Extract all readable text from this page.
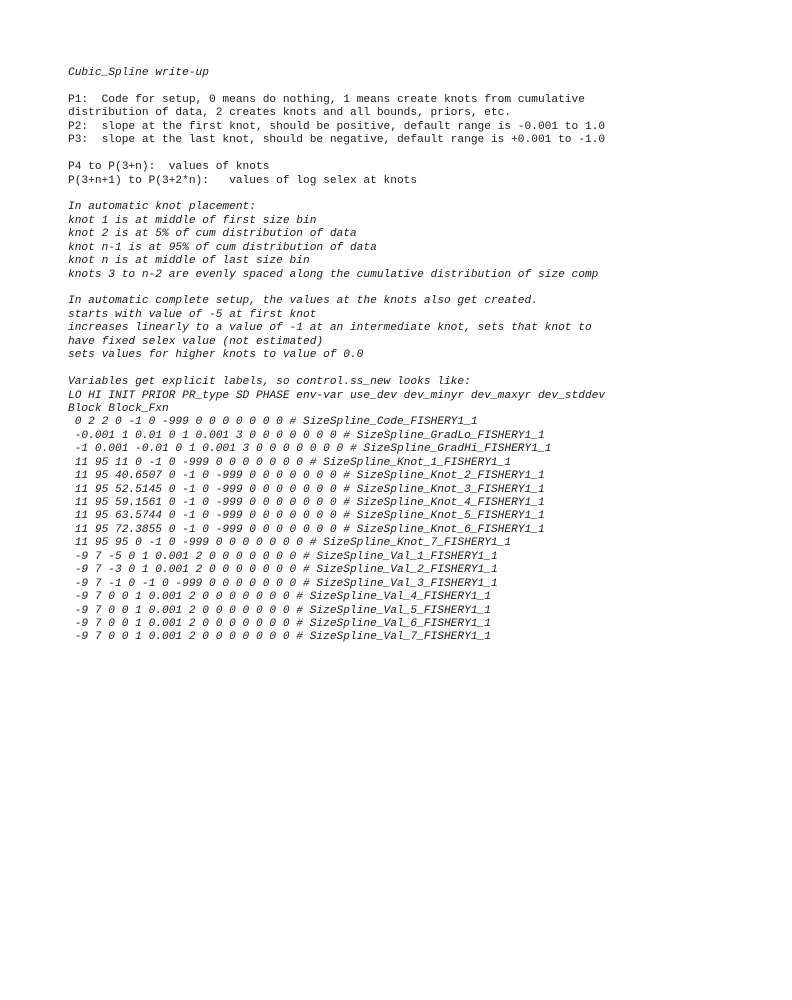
Cubic_Spline write-up
P1:  Code for setup, 0 means do nothing, 1 means create knots from cumulative
distribution of data, 2 creates knots and all bounds, priors, etc.
P2:  slope at the first knot, should be positive, default range is -0.001 to 1.0
P3:  slope at the last knot, should be negative, default range is +0.001 to -1.0
P4 to P(3+n):  values of knots
P(3+n+1) to P(3+2*n):   values of log selex at knots
In automatic knot placement:
knot 1 is at middle of first size bin
knot 2 is at 5% of cum distribution of data
knot n-1 is at 95% of cum distribution of data
knot n is at middle of last size bin
knots 3 to n-2 are evenly spaced along the cumulative distribution of size comp
In automatic complete setup, the values at the knots also get created.
starts with value of -5 at first knot
increases linearly to a value of -1 at an intermediate knot, sets that knot to
have fixed selex value (not estimated)
sets values for higher knots to value of 0.0
Variables get explicit labels, so control.ss_new looks like:
LO HI INIT PRIOR PR_type SD PHASE env-var use_dev dev_minyr dev_maxyr dev_stddev
Block Block_Fxn
0 2 2 0 -1 0 -999 0 0 0 0 0 0 0 # SizeSpline_Code_FISHERY1_1
-0.001 1 0.01 0 1 0.001 3 0 0 0 0 0 0 0 # SizeSpline_GradLo_FISHERY1_1
-1 0.001 -0.01 0 1 0.001 3 0 0 0 0 0 0 0 # SizeSpline_GradHi_FISHERY1_1
11 95 11 0 -1 0 -999 0 0 0 0 0 0 0 # SizeSpline_Knot_1_FISHERY1_1
11 95 40.6507 0 -1 0 -999 0 0 0 0 0 0 0 # SizeSpline_Knot_2_FISHERY1_1
11 95 52.5145 0 -1 0 -999 0 0 0 0 0 0 0 # SizeSpline_Knot_3_FISHERY1_1
11 95 59.1561 0 -1 0 -999 0 0 0 0 0 0 0 # SizeSpline_Knot_4_FISHERY1_1
11 95 63.5744 0 -1 0 -999 0 0 0 0 0 0 0 # SizeSpline_Knot_5_FISHERY1_1
11 95 72.3855 0 -1 0 -999 0 0 0 0 0 0 0 # SizeSpline_Knot_6_FISHERY1_1
11 95 95 0 -1 0 -999 0 0 0 0 0 0 0 # SizeSpline_Knot_7_FISHERY1_1
-9 7 -5 0 1 0.001 2 0 0 0 0 0 0 0 # SizeSpline_Val_1_FISHERY1_1
-9 7 -3 0 1 0.001 2 0 0 0 0 0 0 0 # SizeSpline_Val_2_FISHERY1_1
-9 7 -1 0 -1 0 -999 0 0 0 0 0 0 0 # SizeSpline_Val_3_FISHERY1_1
-9 7 0 0 1 0.001 2 0 0 0 0 0 0 0 # SizeSpline_Val_4_FISHERY1_1
-9 7 0 0 1 0.001 2 0 0 0 0 0 0 0 # SizeSpline_Val_5_FISHERY1_1
-9 7 0 0 1 0.001 2 0 0 0 0 0 0 0 # SizeSpline_Val_6_FISHERY1_1
-9 7 0 0 1 0.001 2 0 0 0 0 0 0 0 # SizeSpline_Val_7_FISHERY1_1
